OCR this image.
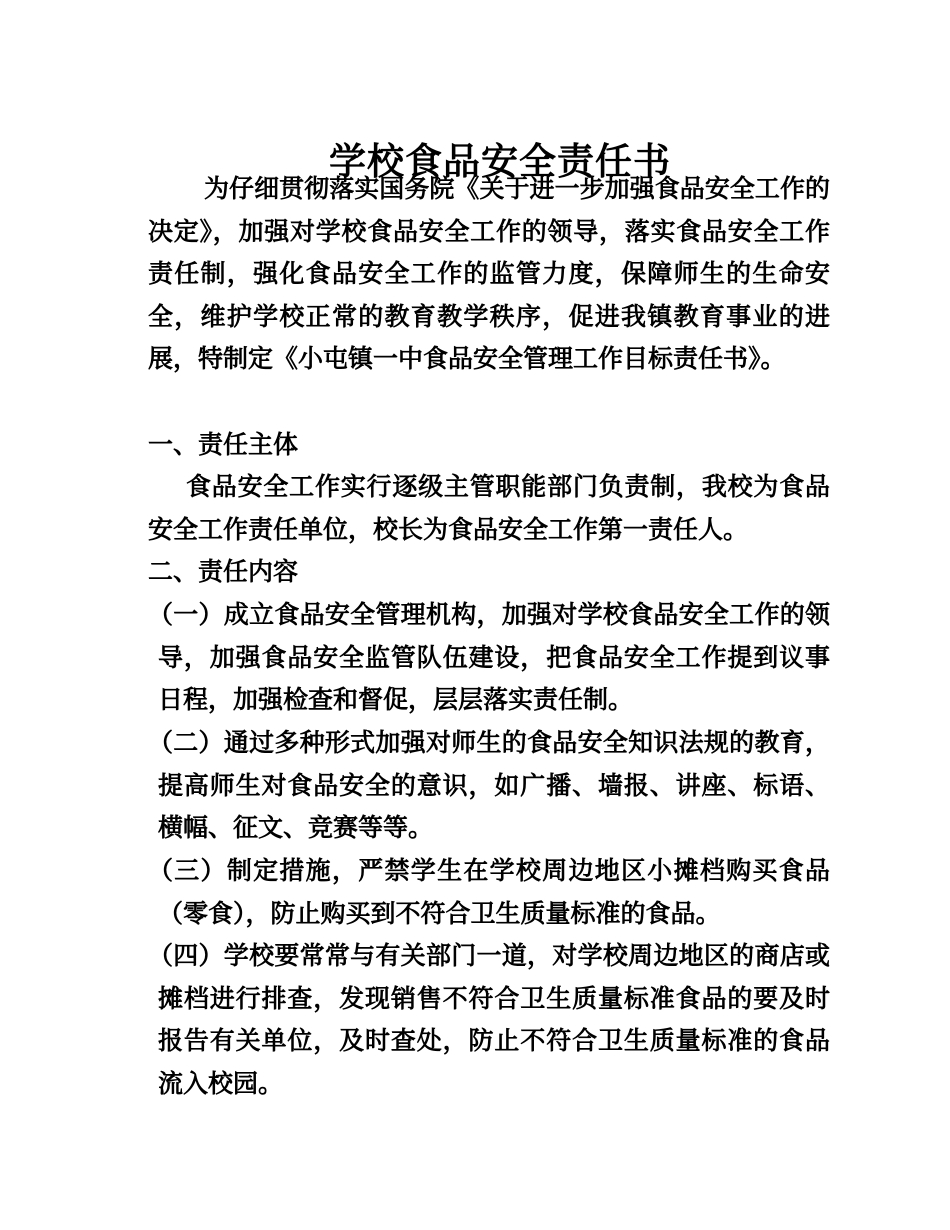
学校食品安全责任书

为仔细贯彻落实国务院《关于进一步加强食品安全工作的决定》，加强对学校食品安全工作的领导，落实食品安全工作责任制，强化食品安全工作的监管力度，保障师生的生命安全，维护学校正常的教育教学秩序，促进我镇教育事业的进展，特制定《小屯镇一中食品安全管理工作目标责任书》。

一、责任主体

食品安全工作实行逐级主管职能部门负责制，我校为食品安全工作责任单位，校长为食品安全工作第一责任人。

二、责任内容

（一）成立食品安全管理机构，加强对学校食品安全工作的领导，加强食品安全监管队伍建设，把食品安全工作提到议事日程，加强检查和督促，层层落实责任制。

（二）通过多种形式加强对师生的食品安全知识法规的教育，提高师生对食品安全的意识，如广播、墙报、讲座、标语、横幅、征文、竞赛等等。

（三）制定措施，严禁学生在学校周边地区小摊档购买食品（零食），防止购买到不符合卫生质量标准的食品。

（四）学校要常常与有关部门一道，对学校周边地区的商店或摊档进行排查，发现销售不符合卫生质量标准食品的要及时报告有关单位，及时查处，防止不符合卫生质量标准的食品流入校园。
